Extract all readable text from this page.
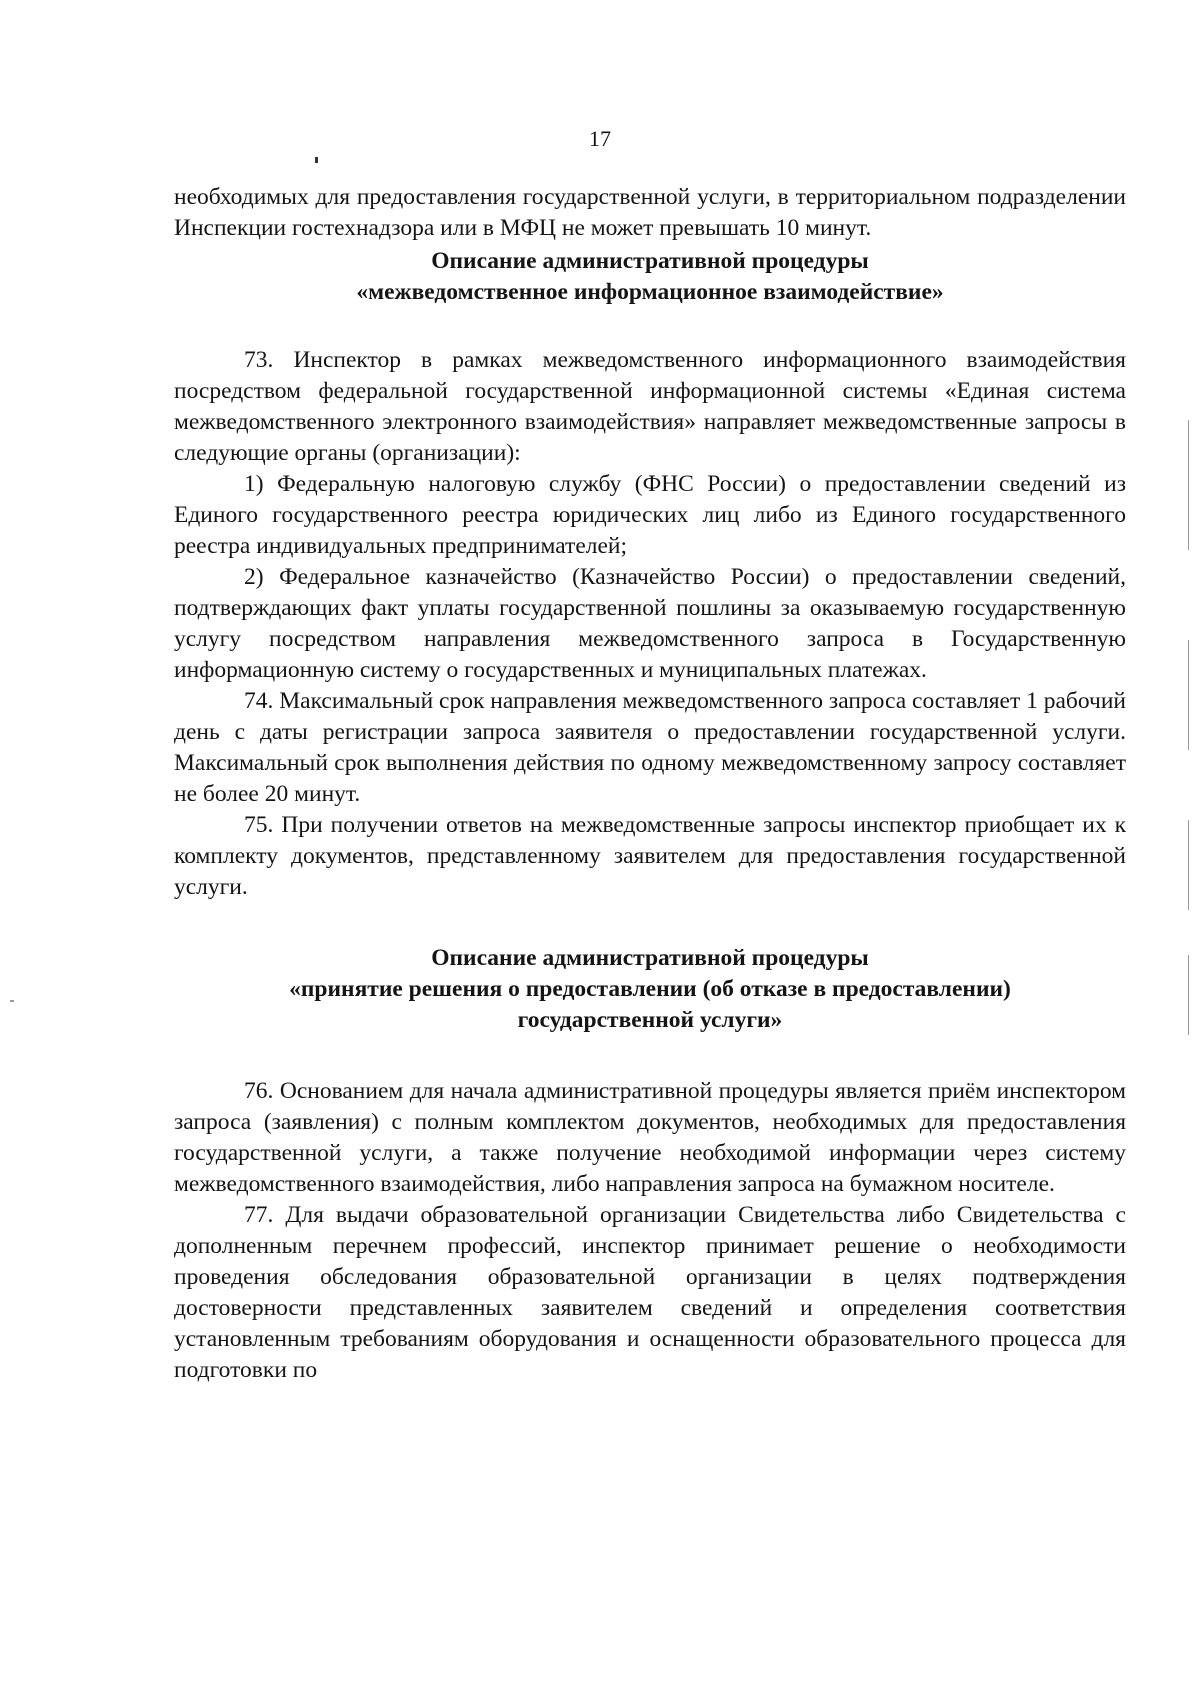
17

необходимых для предоставления государственной услуги, в территориальном подразделении Инспекции гостехнадзора или в МФЦ не может превышать 10 минут.

Описание административной процедуры

«межведомственное информационное взаимодействие»

73. Инспектор в рамках межведомственного информационного взаимодействия посредством федеральной государственной информационной системы «Единая система межведомственного электронного взаимодействия» направляет межведомственные запросы в следующие органы (организации):

1) Федеральную налоговую службу (ФНС России) о предоставлении сведений из Единого государственного реестра юридических лиц либо из Единого государственного реестра индивидуальных предпринимателей;

2) Федеральное казначейство (Казначейство России) о предоставлении сведений, подтверждающих факт уплаты государственной пошлины за оказываемую государственную услугу посредством направления межведомственного запроса в Государственную информационную систему о государственных и муниципальных платежах.

74. Максимальный срок направления межведомственного запроса составляет 1 рабочий день с даты регистрации запроса заявителя о предоставлении государственной услуги. Максимальный срок выполнения действия по одному межведомственному запросу составляет не более 20 минут.

75. При получении ответов на межведомственные запросы инспектор приобщает их к комплекту документов, представленному заявителем для предоставления государственной услуги.

Описание административной процедуры

«принятие решения о предоставлении (об отказе в предоставлении)

государственной услуги»

76. Основанием для начала административной процедуры является приём инспектором запроса (заявления) с полным комплектом документов, необходимых для предоставления государственной услуги, а также получение необходимой информации через систему межведомственного взаимодействия, либо направления запроса на бумажном носителе.

77. Для выдачи образовательной организации Свидетельства либо Свидетельства с дополненным перечнем профессий, инспектор принимает решение о необходимости проведения обследования образовательной организации в целях подтверждения достоверности представленных заявителем сведений и определения соответствия установленным требованиям оборудования и оснащенности образовательного процесса для подготовки по
